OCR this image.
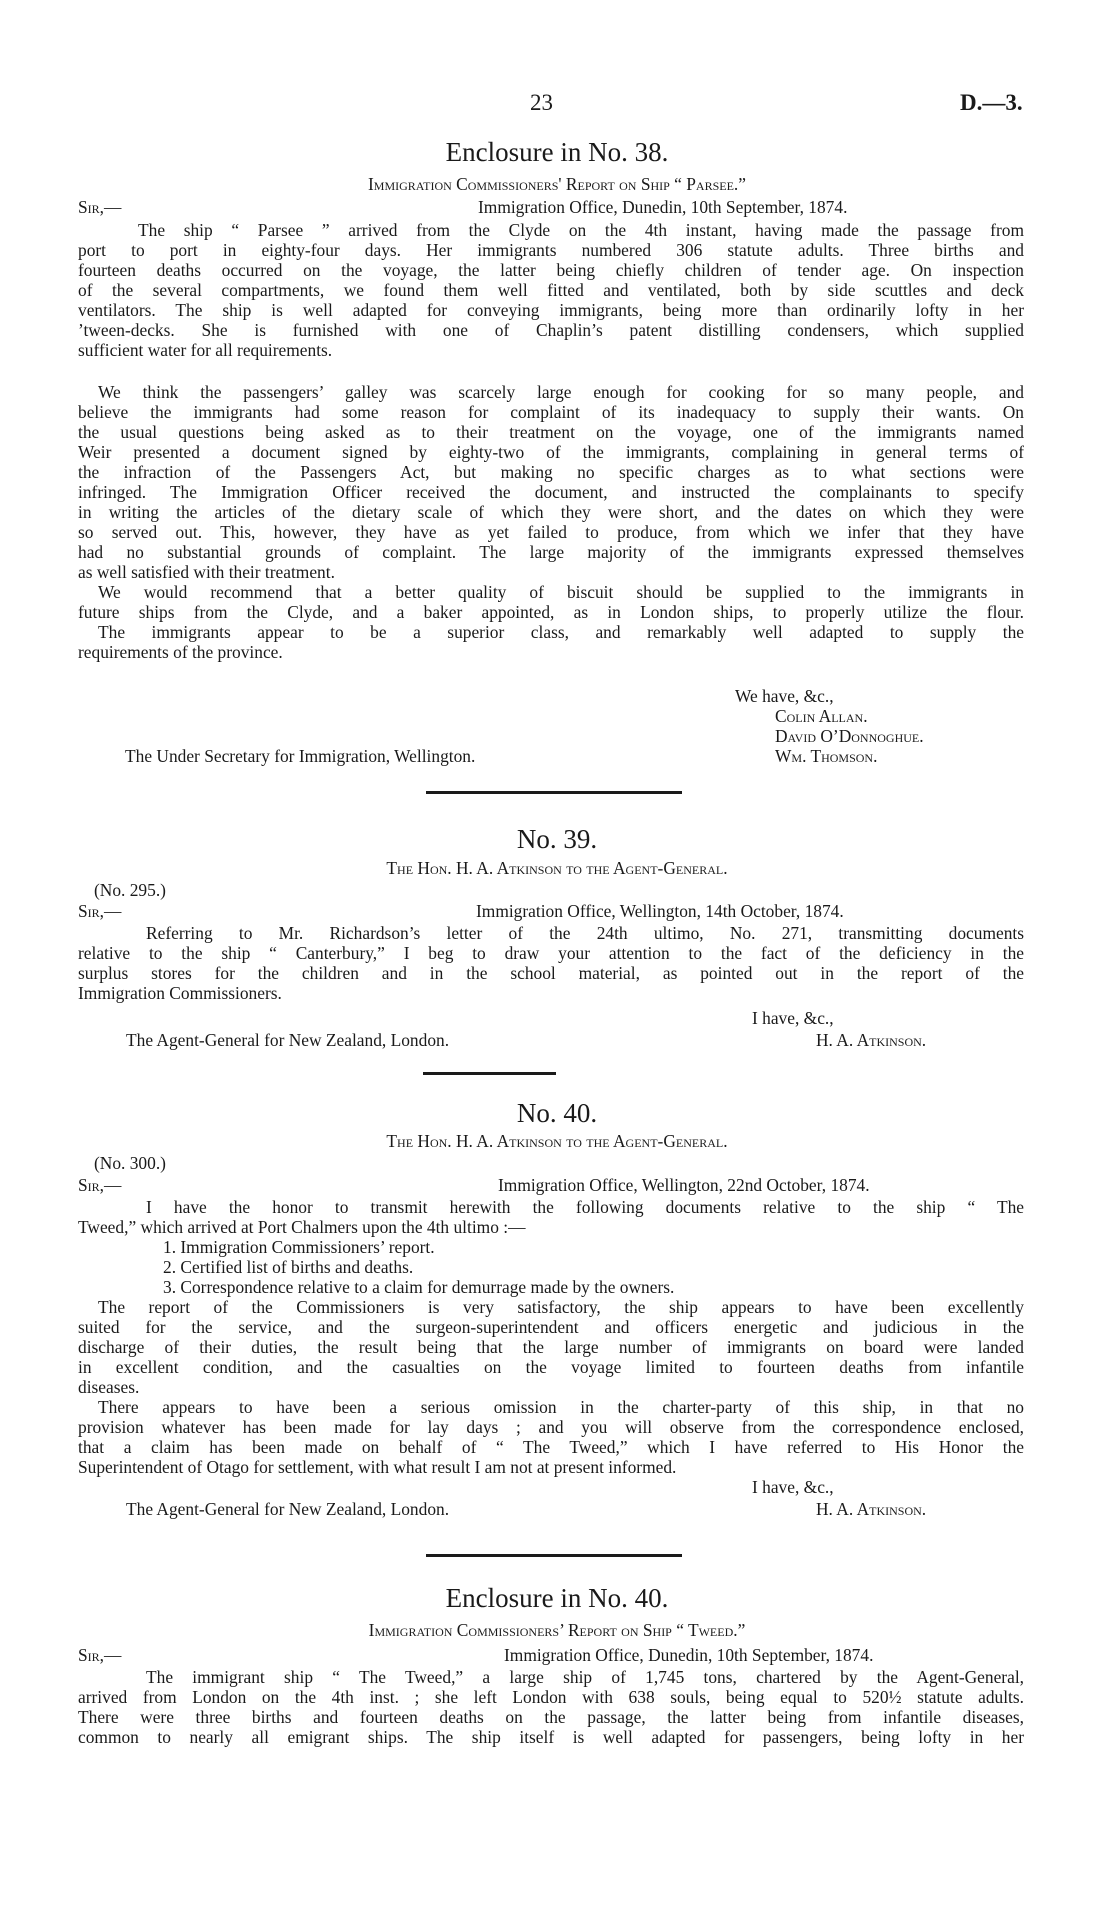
23	D.—3.
Enclosure in No. 38.
Immigration Commissioners' Report on Ship “ Parsee.”
Sir,—	Immigration Office, Dunedin, 10th September, 1874.
The ship “ Parsee ” arrived from the Clyde on the 4th instant, having made the passage from
port to port in eighty-four days. Her immigrants numbered 306 statute adults. Three births and
fourteen deaths occurred on the voyage, the latter being chiefly children of tender age. On inspection
of the several compartments, we found them well fitted and ventilated, both by side scuttles and deck
ventilators. The ship is well adapted for conveying immigrants, being more than ordinarily lofty in her
’tween-decks. She is furnished with one of Chaplin’s patent distilling condensers, which supplied
sufficient water for all requirements.
We think the passengers’ galley was scarcely large enough for cooking for so many people, and
believe the immigrants had some reason for complaint of its inadequacy to supply their wants. On
the usual questions being asked as to their treatment on the voyage, one of the immigrants named
Weir presented a document signed by eighty-two of the immigrants, complaining in general terms of
the infraction of the Passengers Act, but making no specific charges as to what sections were
infringed. The Immigration Officer received the document, and instructed the complainants to specify
in writing the articles of the dietary scale of which they were short, and the dates on which they were
so served out. This, however, they have as yet failed to produce, from which we infer that they have
had no substantial grounds of complaint. The large majority of the immigrants expressed themselves
as well satisfied with their treatment.
We would recommend that a better quality of biscuit should be supplied to the immigrants in
future ships from the Clyde, and a baker appointed, as in London ships, to properly utilize the flour.
The immigrants appear to be a superior class, and remarkably well adapted to supply the
requirements of the province.
We have, &c.,
Colin Allan.
David O’Donnoghue.
Wm. Thomson.
The Under Secretary for Immigration, Wellington.
No. 39.
The Hon. H. A. Atkinson to the Agent-General.
(No. 295.)
Sir,—	Immigration Office, Wellington, 14th October, 1874.
Referring to Mr. Richardson’s letter of the 24th ultimo, No. 271, transmitting documents
relative to the ship “ Canterbury,” I beg to draw your attention to the fact of the deficiency in the
surplus stores for the children and in the school material, as pointed out in the report of the
Immigration Commissioners.
I have, &c.,
The Agent-General for New Zealand, London.	H. A. Atkinson.
No. 40.
The Hon. H. A. Atkinson to the Agent-General.
(No. 300.)
Sir,—	Immigration Office, Wellington, 22nd October, 1874.
I have the honor to transmit herewith the following documents relative to the ship “ The
Tweed,” which arrived at Port Chalmers upon the 4th ultimo :—
1. Immigration Commissioners’ report.
2. Certified list of births and deaths.
3. Correspondence relative to a claim for demurrage made by the owners.
The report of the Commissioners is very satisfactory, the ship appears to have been excellently
suited for the service, and the surgeon-superintendent and officers energetic and judicious in the
discharge of their duties, the result being that the large number of immigrants on board were landed
in excellent condition, and the casualties on the voyage limited to fourteen deaths from infantile
diseases.
There appears to have been a serious omission in the charter-party of this ship, in that no
provision whatever has been made for lay days ; and you will observe from the correspondence enclosed,
that a claim has been made on behalf of “ The Tweed,” which I have referred to His Honor the
Superintendent of Otago for settlement, with what result I am not at present informed.
I have, &c.,
The Agent-General for New Zealand, London.	H. A. Atkinson.
Enclosure in No. 40.
Immigration Commissioners’ Report on Ship “ Tweed.”
Sir,—	Immigration Office, Dunedin, 10th September, 1874.
The immigrant ship “ The Tweed,” a large ship of 1,745 tons, chartered by the Agent-General,
arrived from London on the 4th inst. ; she left London with 638 souls, being equal to 520½ statute adults.
There were three births and fourteen deaths on the passage, the latter being from infantile diseases,
common to nearly all emigrant ships. The ship itself is well adapted for passengers, being lofty in her
